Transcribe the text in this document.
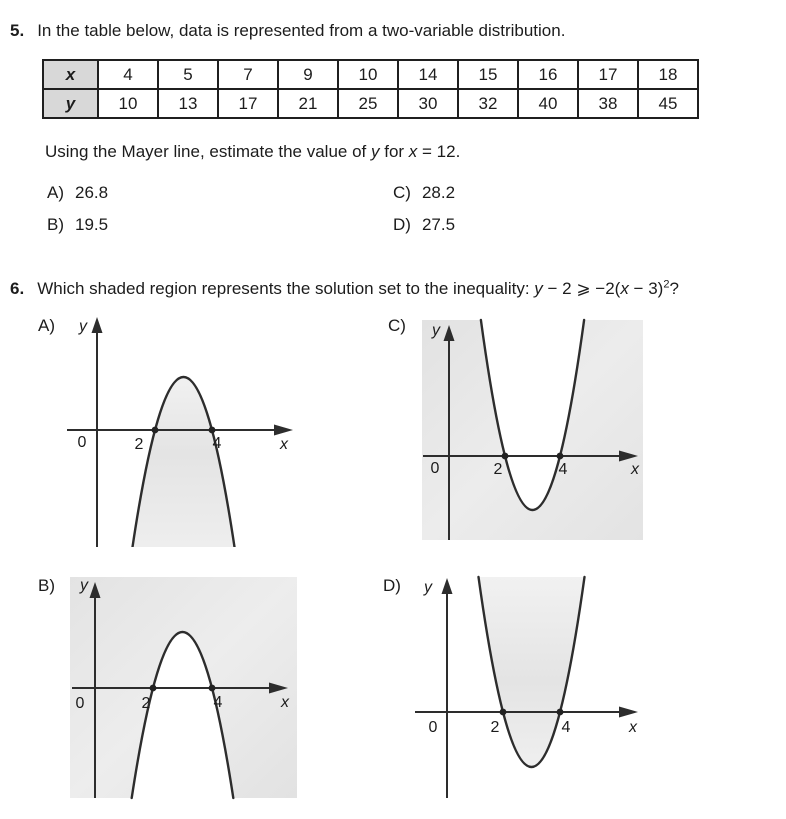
5. In the table below, data is represented from a two-variable distribution.
x	4	5	7	9	10	14	15	16	17	18
y	10	13	17	21	25	30	32	40	38	45
Using the Mayer line, estimate the value of y for x = 12.
A) 26.8	C) 28.2
B) 19.5	D) 27.5
6. Which shaded region represents the solution set to the inequality: y − 2 ⩾ $-2(x - 3)^2$?
A) y
0	2	4	x
C) y
0	2	4	x
B) y
0	2	4	x
D) y
0	2	4	x
